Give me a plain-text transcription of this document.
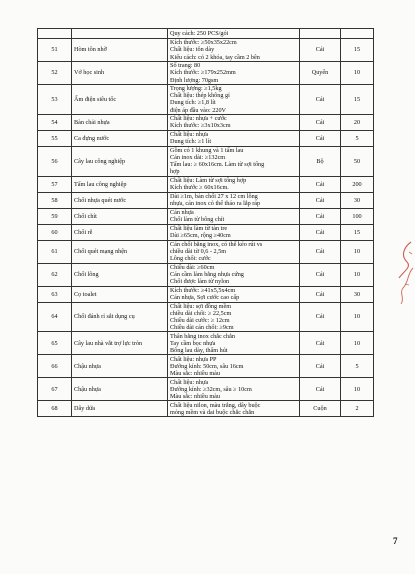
		Quy cách: 250 PCS/gói		

51	Hòm tôn nhỡ	Kích thước: ≥50x35x22cm
Chất liệu: tôn dày
Kiểu cách: có 2 khóa, tay cầm 2 bên	Cái	15
52	Vở học sinh	Số trang: 80
Kích thước: ≥179x252mm
Định lượng: 70gsm	Quyển	10
53	Ấm điện siêu tốc	Trọng lượng: ≥1,5kg
Chất liệu: thép không gỉ
Dung tích: ≥1,8 lít
điện áp đầu vào: 220V	Cái	15
54	Bàn chải nhựa	Chất liệu: nhựa + cước
Kích thước: ≥3x10x3cm	Cái	20
55	Ca đựng nước	Chất liệu: nhựa
Dung tích: ≥1 lít	Cái	5
56	Cây lau công nghiệp	Gồm có 1 khung và 1 tấm lau
Cán inox dài: ≥132cm
Tấm lau: ≥ 60x16cm. Làm từ sợi tổng
hợp	Bộ	50
57	Tấm lau công nghiệp	Chất liệu: Làm từ sợi tổng hợp
Kích thước ≥ 60x16cm.	Cái	200
58	Chổi nhựa quét nước	Dài ≥1m, bản chổi 27 x 12 cm lông
nhựa, cán inox có thể tháo ra lắp ráp	Cái	30
59	Chổi chít	Cán nhựa
Chổi làm từ bông chít	Cái	100
60	Chổi rễ	Chất liệu làm từ tàn tre
Dài ≥65cm, rộng ≥40cm	Cái	15
61	Chổi quét mạng nhện	Cán chổi bằng inox, có thể kéo rút vs
chiều dài từ 0,6 - 2,5m
Lông chổi: cước	Cái	10
62	Chổi lông	Chiều dài: ≥60cm
Cán cầm làm bằng nhựa cứng
Chổi được làm từ nylon	Cái	10
63	Cọ toalet	Kích thước: ≥41x5,5x4cm
Cán nhựa, Sợi cước cao cấp	Cái	30
64	Chổi đánh rỉ sắt dụng cụ	Chất liệu: sợi đồng mềm
chiều dài chổi: ≥ 22,5cm
Chiều dài cước: ≥ 12cm
Chiều dài cán chổi: ≥9cm	Cái	10
65	Cây lau nhà vắt trợ lực tròn	Thân bằng inox chắc chắn
Tay cầm bọc nhựa
Bông lau dày, thấm hút	Cái	10
66	Chậu nhựa	Chất liệu: nhựa PP
Đường kính: 50cm, sâu 16cm
Màu sắc: nhiều màu	Cái	5
67	Chậu nhựa	Chất liệu: nhựa
Đường kính: ≥32cm, sâu ≥ 10cm
Màu sắc: nhiều màu	Cái	10
68	Dây dứa	Chất liệu nilon, màu trắng, dây buộc
mỏng mềm và dai buộc chắc chắn	Cuộn	2
7
